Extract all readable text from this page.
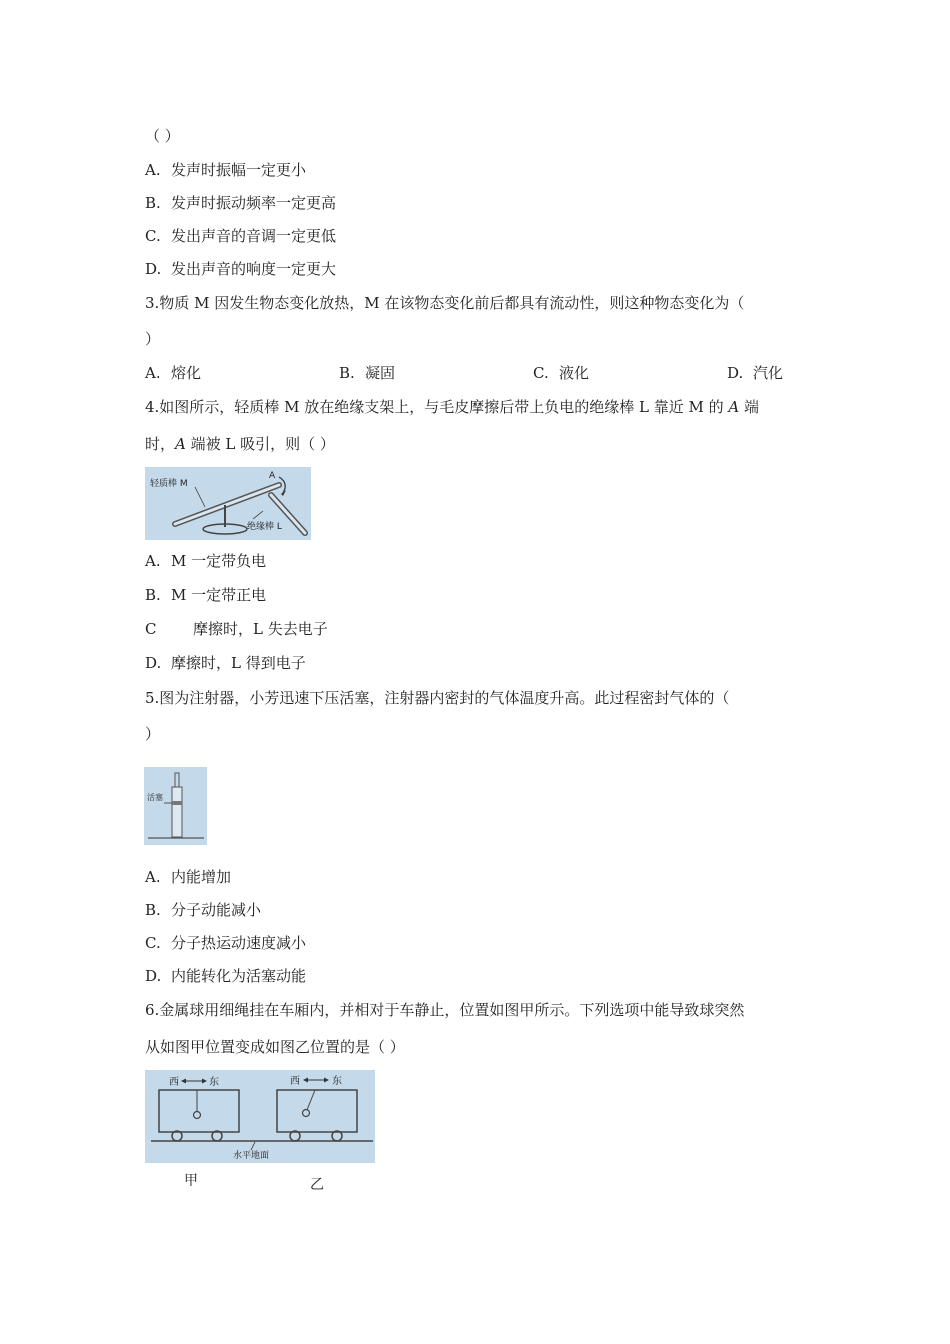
（ ）
A. 发声时振幅一定更小
B. 发声时振动频率一定更高
C. 发出声音的音调一定更低
D. 发出声音的响度一定更大
3.物质 M 因发生物态变化放热，M 在该物态变化前后都具有流动性，则这种物态变化为（
）
A. 熔化	B. 凝固	C. 液化	D. 汽化
4.如图所示，轻质棒 M 放在绝缘支架上，与毛皮摩擦后带上负电的绝缘棒 L 靠近 M 的 A 端
时，A 端被 L 吸引，则（ ）
轻质棒 M
A
绝缘棒 L
A. M 一定带负电
B. M 一定带正电
C 摩擦时，L 失去电子
D. 摩擦时，L 得到电子
5.图为注射器，小芳迅速下压活塞，注射器内密封的气体温度升高。此过程密封气体的（
）
活塞
A. 内能增加
B. 分子动能减小
C. 分子热运动速度减小
D. 内能转化为活塞动能
6.金属球用细绳挂在车厢内，并相对于车静止，位置如图甲所示。下列选项中能导致球突然
从如图甲位置变成如图乙位置的是（ ）
西	东	西	东
水平地面
甲	乙
